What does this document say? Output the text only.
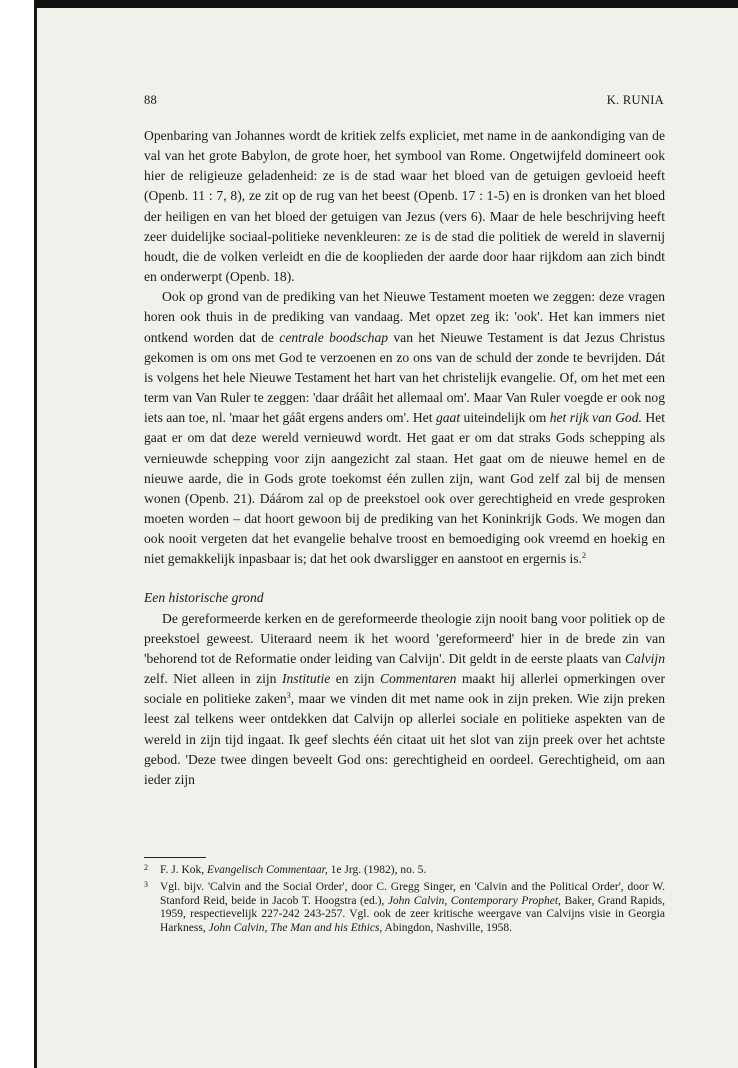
88	K. RUNIA

Openbaring van Johannes wordt de kritiek zelfs expliciet, met name in de aankondiging van de val van het grote Babylon, de grote hoer, het symbool van Rome. Ongetwijfeld domineert ook hier de religieuze geladenheid: ze is de stad waar het bloed van de getuigen gevloeid heeft (Openb. 11 : 7, 8), ze zit op de rug van het beest (Openb. 17 : 1-5) en is dronken van het bloed der heiligen en van het bloed der getuigen van Jezus (vers 6). Maar de hele beschrijving heeft zeer duidelijke sociaal-politieke nevenkleuren: ze is de stad die politiek de wereld in slavernij houdt, die de volken verleidt en die de kooplieden der aarde door haar rijkdom aan zich bindt en onderwerpt (Openb. 18).

Ook op grond van de prediking van het Nieuwe Testament moeten we zeggen: deze vragen horen ook thuis in de prediking van vandaag. Met opzet zeg ik: 'ook'. Het kan immers niet ontkend worden dat de centrale boodschap van het Nieuwe Testament is dat Jezus Christus gekomen is om ons met God te verzoenen en zo ons van de schuld der zonde te bevrijden. Dát is volgens het hele Nieuwe Testament het hart van het christelijk evangelie. Of, om het met een term van Van Ruler te zeggen: 'daar dráâit het allemaal om'. Maar Van Ruler voegde er ook nog iets aan toe, nl. 'maar het gáât ergens anders om'. Het gaat uiteindelijk om het rijk van God. Het gaat er om dat deze wereld vernieuwd wordt. Het gaat er om dat straks Gods schepping als vernieuwde schepping voor zijn aangezicht zal staan. Het gaat om de nieuwe hemel en de nieuwe aarde, die in Gods grote toekomst één zullen zijn, want God zelf zal bij de mensen wonen (Openb. 21). Dáárom zal op de preekstoel ook over gerechtigheid en vrede gesproken moeten worden – dat hoort gewoon bij de prediking van het Koninkrijk Gods. We mogen dan ook nooit vergeten dat het evangelie behalve troost en bemoediging ook vreemd en hoekig en niet gemakkelijk inpasbaar is; dat het ook dwarsligger en aanstoot en ergernis is.$^2$

Een historische grond

De gereformeerde kerken en de gereformeerde theologie zijn nooit bang voor politiek op de preekstoel geweest. Uiteraard neem ik het woord 'gereformeerd' hier in de brede zin van 'behorend tot de Reformatie onder leiding van Calvijn'. Dit geldt in de eerste plaats van Calvijn zelf. Niet alleen in zijn Institutie en zijn Commentaren maakt hij allerlei opmerkingen over sociale en politieke zaken$^3$, maar we vinden dit met name ook in zijn preken. Wie zijn preken leest zal telkens weer ontdekken dat Calvijn op allerlei sociale en politieke aspekten van de wereld in zijn tijd ingaat. Ik geef slechts één citaat uit het slot van zijn preek over het achtste gebod. 'Deze twee dingen beveelt God ons: gerechtigheid en oordeel. Gerechtigheid, om aan ieder zijn

2 F. J. Kok, Evangelisch Commentaar, 1e Jrg. (1982), no. 5.

3 Vgl. bijv. 'Calvin and the Social Order', door C. Gregg Singer, en 'Calvin and the Political Order', door W. Stanford Reid, beide in Jacob T. Hoogstra (ed.), John Calvin, Contemporary Prophet, Baker, Grand Rapids, 1959, respectievelijk 227-242 243-257. Vgl. ook de zeer kritische weergave van Calvijns visie in Georgia Harkness, John Calvin, The Man and his Ethics, Abingdon, Nashville, 1958.
